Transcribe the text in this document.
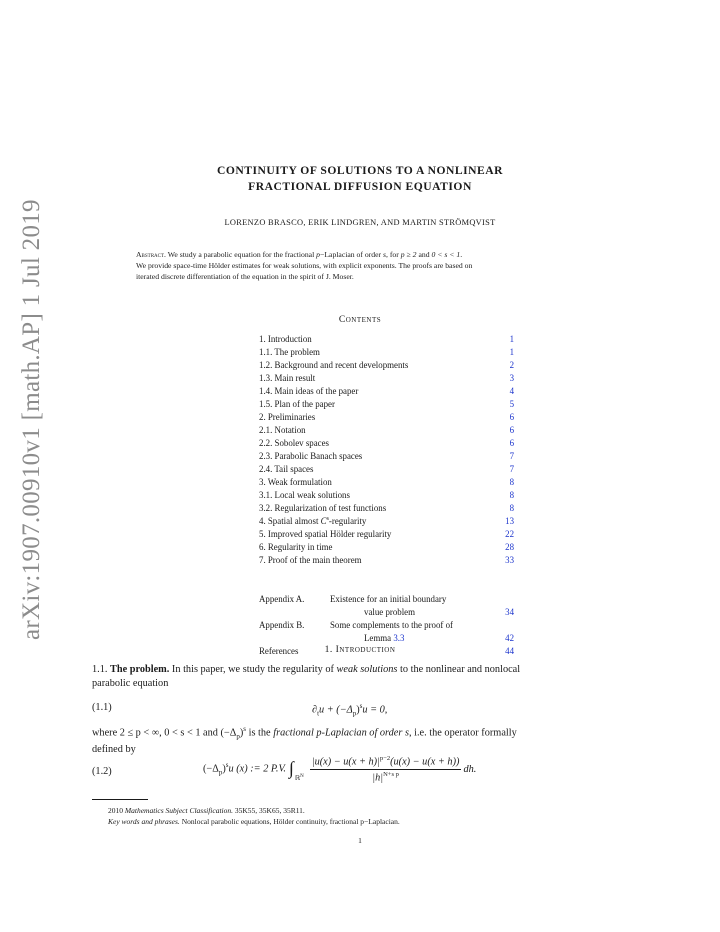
arXiv:1907.00910v1 [math.AP] 1 Jul 2019
CONTINUITY OF SOLUTIONS TO A NONLINEAR
FRACTIONAL DIFFUSION EQUATION
LORENZO BRASCO, ERIK LINDGREN, AND MARTIN STRÖMQVIST
Abstract. We study a parabolic equation for the fractional p−Laplacian of order s, for p ≥ 2 and 0 < s < 1.
We provide space-time Hölder estimates for weak solutions, with explicit exponents. The proofs are based on
iterated discrete differentiation of the equation in the spirit of J. Moser.
Contents
1. Introduction	1
1.1. The problem	1
1.2. Background and recent developments	2
1.3. Main result	3
1.4. Main ideas of the paper	4
1.5. Plan of the paper	5
2. Preliminaries	6
2.1. Notation	6
2.2. Sobolev spaces	6
2.3. Parabolic Banach spaces	7
2.4. Tail spaces	7
3. Weak formulation	8
3.1. Local weak solutions	8
3.2. Regularization of test functions	8
4. Spatial almost $C^s$-regularity	13
5. Improved spatial Hölder regularity	22
6. Regularity in time	28
7. Proof of the main theorem	33
Appendix A.	Existence for an initial boundary
value problem	34
Appendix B.	Some complements to the proof of
Lemma 3.3	42
References	44
1. Introduction
1.1. The problem. In this paper, we study the regularity of weak solutions to the nonlinear and nonlocal
parabolic equation
(1.1)	$\partial_tu + (-\Delta_p)^su = 0$,
where 2 ≤ p < ∞, 0 < s < 1 and $(-\Delta_p)^s$ is the fractional p-Laplacian of order s, i.e. the operator formally
defined by
(1.2)	$(-\Delta_p)^su$ (x) := 2 P.V. ∫
ℝ$^N$ $\frac{|u(x) - u(x + h)|^{p-2}(u(x) - u(x + h))}{|h|^{N+s p}}$ dh.
2010 Mathematics Subject Classification. 35K55, 35K65, 35R11.
Key words and phrases. Nonlocal parabolic equations, Hölder continuity, fractional p−Laplacian.
1
